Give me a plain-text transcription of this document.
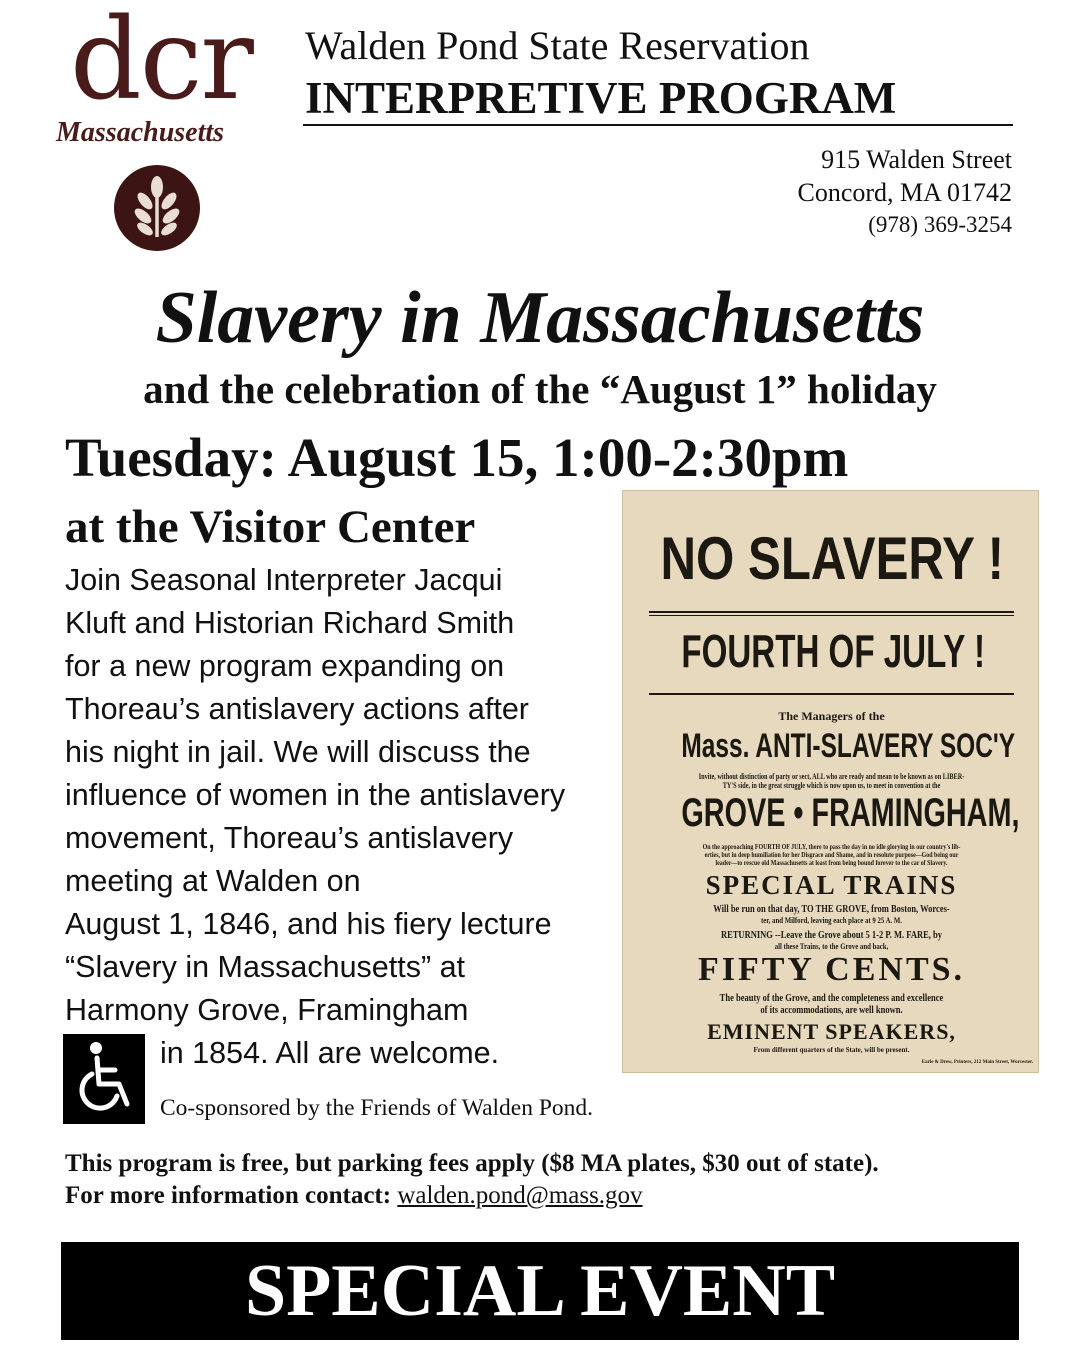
dcr
Massachusetts
Walden Pond State Reservation
INTERPRETIVE PROGRAM
915 Walden Street
Concord, MA 01742
(978) 369-3254
Slavery in Massachusetts
and the celebration of the “August 1” holiday
Tuesday: August 15, 1:00-2:30pm
at the Visitor Center
Join Seasonal Interpreter Jacqui
Kluft and Historian Richard Smith
for a new program expanding on
Thoreau’s antislavery actions after
his night in jail. We will discuss the
influence of women in the antislavery
movement, Thoreau’s antislavery
meeting at Walden on
August 1, 1846, and his fiery lecture
“Slavery in Massachusetts” at
Harmony Grove, Framingham
in 1854. All are welcome.
Co-sponsored by the Friends of Walden Pond.
This program is free, but parking fees apply ($8 MA plates, $30 out of state).
For more information contact: walden.pond@mass.gov
SPECIAL EVENT
NO SLAVERY !
FOURTH OF JULY !
The Managers of the
Mass. ANTI-SLAVERY SOC'Y
Invite, without distinction of party or sect, ALL who are ready and mean to be known as on LIBER-
TY'S side, in the great struggle which is now upon us, to meet in convention at the
GROVE • FRAMINGHAM,
On the approaching FOURTH OF JULY, there to pass the day in no idle glorying in our country's lib-
erties, but in deep humiliation for her Disgrace and Shame, and in resolute purpose—God being our
leader—to rescue old Massachusetts at least from being bound forever to the car of Slavery.
SPECIAL TRAINS
Will be run on that day, TO THE GROVE, from Boston, Worces-
ter, and Milford, leaving each place at 9 25 A. M.
RETURNING --Leave the Grove about 5 1-2 P. M. FARE, by
all these Trains, to the Grove and back,
FIFTY CENTS.
The beauty of the Grove, and the completeness and excellence
of its accommodations, are well known.
EMINENT SPEAKERS,
From different quarters of the State, will be present.
Earle & Drew, Printers, 212 Main Street, Worcester.
